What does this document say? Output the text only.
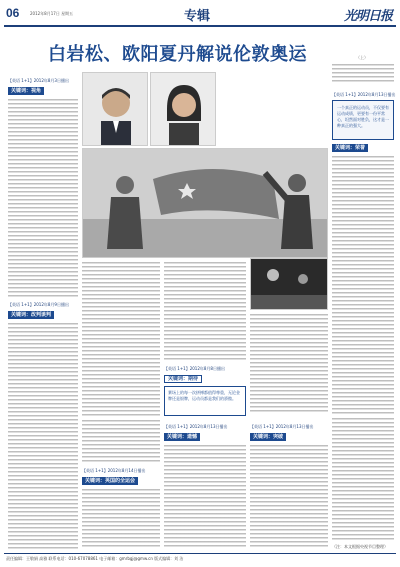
06	2012年8月17日 星期五	专辑	光明日报
白岩松、欧阳夏丹解说伦敦奥运	（上）
【英语 1+1】2012年8月3日播出
关键词：视角
【英语 1+1】2012年8月13日播出
一个真正的运动员，不仅要有运动成绩，更要有一份平常心，坦然面对胜负，这才是一种真正的强大。
关键词：荣誉
【英语 1+1】2012年8月9日播出
关键词：改判谈判
【英语 1+1】2012年8月8日播出
关键词：期待
赛场上的每一次拼搏都值得尊重，无论金牌还是银牌，运动员都是我们的骄傲。
【英语 1+1】2012年8月13日播出
关键词：遗憾
【英语 1+1】2012年8月14日播出
关键词：英国的全运会
【英语 1+1】2012年8月13日播出
关键词：突破
（注：本文根据央视节目整理）
责任编辑：王敬娟 高雅 联系电话：010-67078861 电子邮箱：gmrbgj@gmw.cn 版式编辑：刘 洁
